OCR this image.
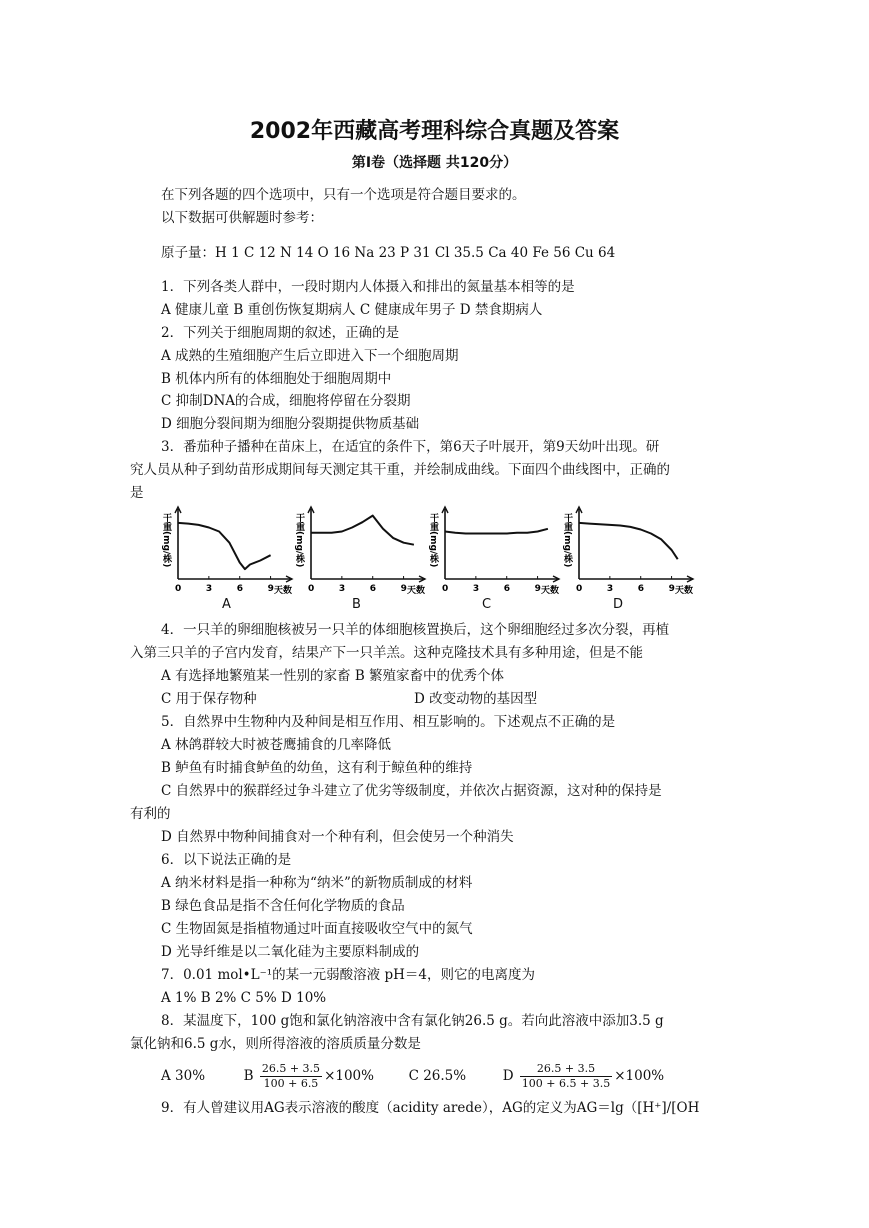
2002年西藏高考理科综合真题及答案
第Ⅰ卷（选择题 共120分）
在下列各题的四个选项中，只有一个选项是符合题目要求的。
以下数据可供解题时参考：
原子量：H 1 C 12 N 14 O 16 Na 23 P 31 Cl 35.5 Ca 40 Fe 56 Cu 64
1．下列各类人群中，一段时期内人体摄入和排出的氮量基本相等的是
A 健康儿童 B 重创伤恢复期病人 C 健康成年男子 D 禁食期病人
2．下列关于细胞周期的叙述，正确的是
A 成熟的生殖细胞产生后立即进入下一个细胞周期
B 机体内所有的体细胞处于细胞周期中
C 抑制DNA的合成，细胞将停留在分裂期
D 细胞分裂间期为细胞分裂期提供物质基础
3．番茄种子播种在苗床上，在适宜的条件下，第6天子叶展开，第9天幼叶出现。研
究人员从种子到幼苗形成期间每天测定其干重，并绘制成曲线。下面四个曲线图中，正确的
是
干重(mg/株)
0	3	6	9 天数
干重(mg/株)
0	3	6	9 天数
干重(mg/株)
0	3	6	9 天数
干重(mg/株)
0	3	6	9 天数
A	B	C	D
4．一只羊的卵细胞核被另一只羊的体细胞核置换后，这个卵细胞经过多次分裂，再植
入第三只羊的子宫内发育，结果产下一只羊羔。这种克隆技术具有多种用途，但是不能
A 有选择地繁殖某一性别的家畜 B 繁殖家畜中的优秀个体
C 用于保存物种	D 改变动物的基因型
5．自然界中生物种内及种间是相互作用、相互影响的。下述观点不正确的是
A 林鸽群较大时被苍鹰捕食的几率降低
B 鲈鱼有时捕食鲈鱼的幼鱼，这有利于鲸鱼种的维持
C 自然界中的猴群经过争斗建立了优劣等级制度，并依次占据资源，这对种的保持是
有利的
D 自然界中物种间捕食对一个种有利，但会使另一个种消失
6．以下说法正确的是
A 纳米材料是指一种称为“纳米”的新物质制成的材料
B 绿色食品是指不含任何化学物质的食品
C 生物固氮是指植物通过叶面直接吸收空气中的氮气
D 光导纤维是以二氧化硅为主要原料制成的
7．0.01 mol•L⁻¹的某一元弱酸溶液 pH＝4，则它的电离度为
A 1% B 2% C 5% D 10%
8．某温度下，100 g饱和氯化钠溶液中含有氯化钠26.5 g。若向此溶液中添加3.5 g
氯化钠和6.5 g水，则所得溶液的溶质质量分数是
A 30%	B $\frac{26.5 + 3.5}{100 + 6.5} \times 100\%$	C 26.5%	D $\frac{26.5 + 3.5}{100 + 6.5 + 3.5} \times 100\%$
9．有人曾建议用AG表示溶液的酸度（acidity arede），AG的定义为AG＝lg（[H⁺]/[OH
